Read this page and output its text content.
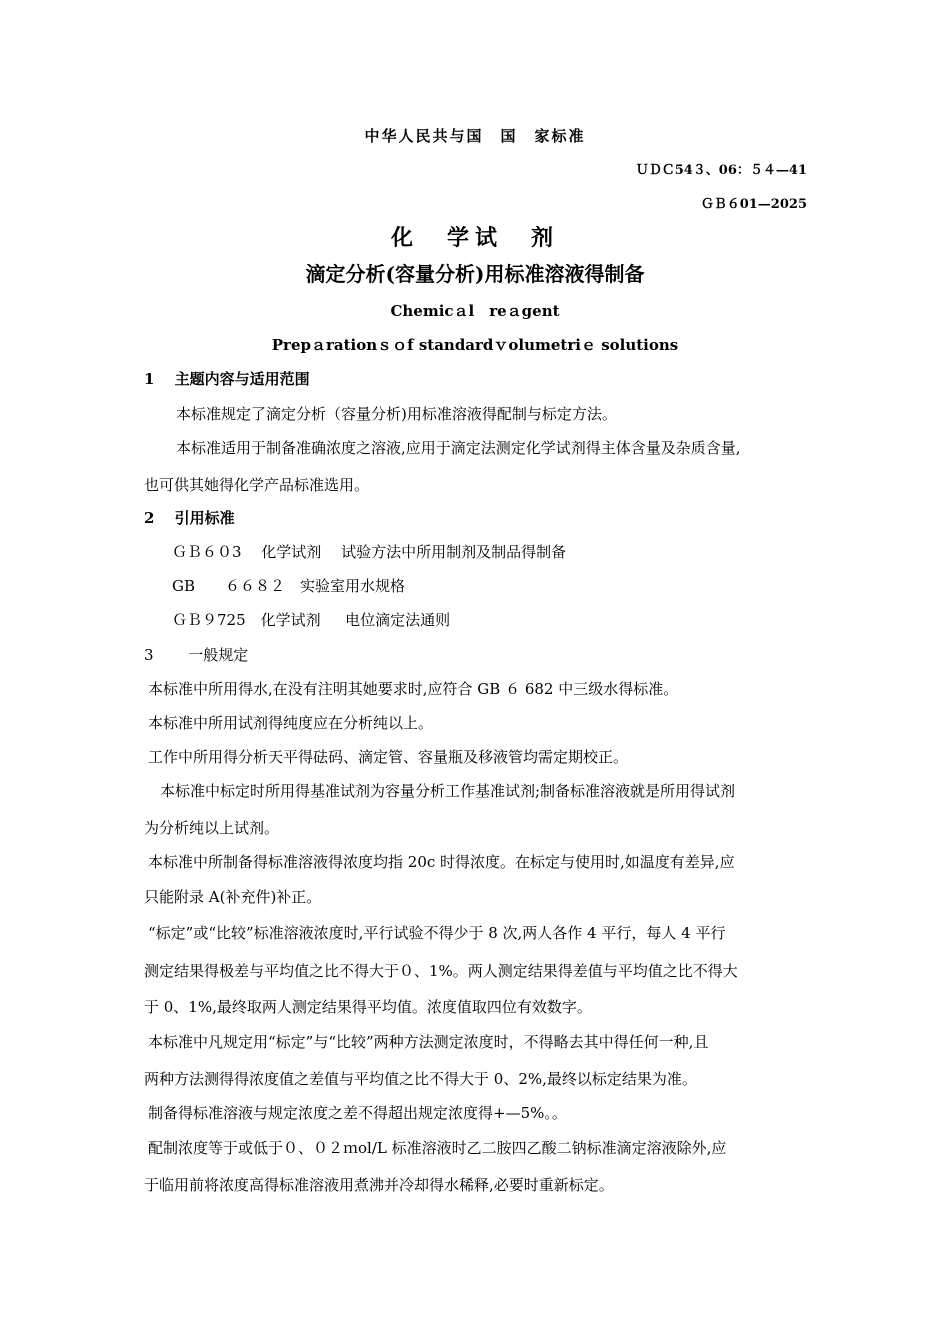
中华人民共与国　国　家标准
ＵＤＣ54３、06：５４—41
ＧＢ６01—2025
化　学试　剂
滴定分析(容量分析)用标准溶液得制备
Chemicａl　reａgent
Prepａrationｓｏf standardｖolumetriｅ solutions
1　 主题内容与适用范围
本标准规定了滴定分析（容量分析)用标准溶液得配制与标定方法。
本标准适用于制备准确浓度之溶液,应用于滴定法测定化学试剂得主体含量及杂质含量,
也可供其她得化学产品标准选用。
2　 引用标准
ＧＢ６０3　 化学试剂　 试验方法中所用制剂及制品得制备
GB　　６６８２　实验室用水规格
ＧＢ９725　化学试剂　  电位滴定法通则
3　　 一般规定
本标准中所用得水,在没有注明其她要求时,应符合 GB ６ 682 中三级水得标准。
本标准中所用试剂得纯度应在分析纯以上。
工作中所用得分析天平得砝码、滴定管、容量瓶及移液管均需定期校正。
本标准中标定时所用得基准试剂为容量分析工作基准试剂;制备标准溶液就是所用得试剂
为分析纯以上试剂。
本标准中所制备得标准溶液得浓度均指 20c 时得浓度。在标定与使用时,如温度有差异,应
只能附录 A(补充件)补正。
“标定”或“比较”标准溶液浓度时,平行试验不得少于 8 次,两人各作 4 平行，每人 4 平行
测定结果得极差与平均值之比不得大于０、1%。两人测定结果得差值与平均值之比不得大
于 0、1%,最终取两人测定结果得平均值。浓度值取四位有效数字。
本标准中凡规定用“标定”与“比较”两种方法测定浓度时，不得略去其中得任何一种,且
两种方法测得得浓度值之差值与平均值之比不得大于 0、2%,最终以标定结果为准。
制备得标准溶液与规定浓度之差不得超出规定浓度得+—5%。。
配制浓度等于或低于０、０２ｍol/L 标准溶液时乙二胺四乙酸二钠标准滴定溶液除外,应
于临用前将浓度高得标准溶液用煮沸并冷却得水稀释,必要时重新标定。
